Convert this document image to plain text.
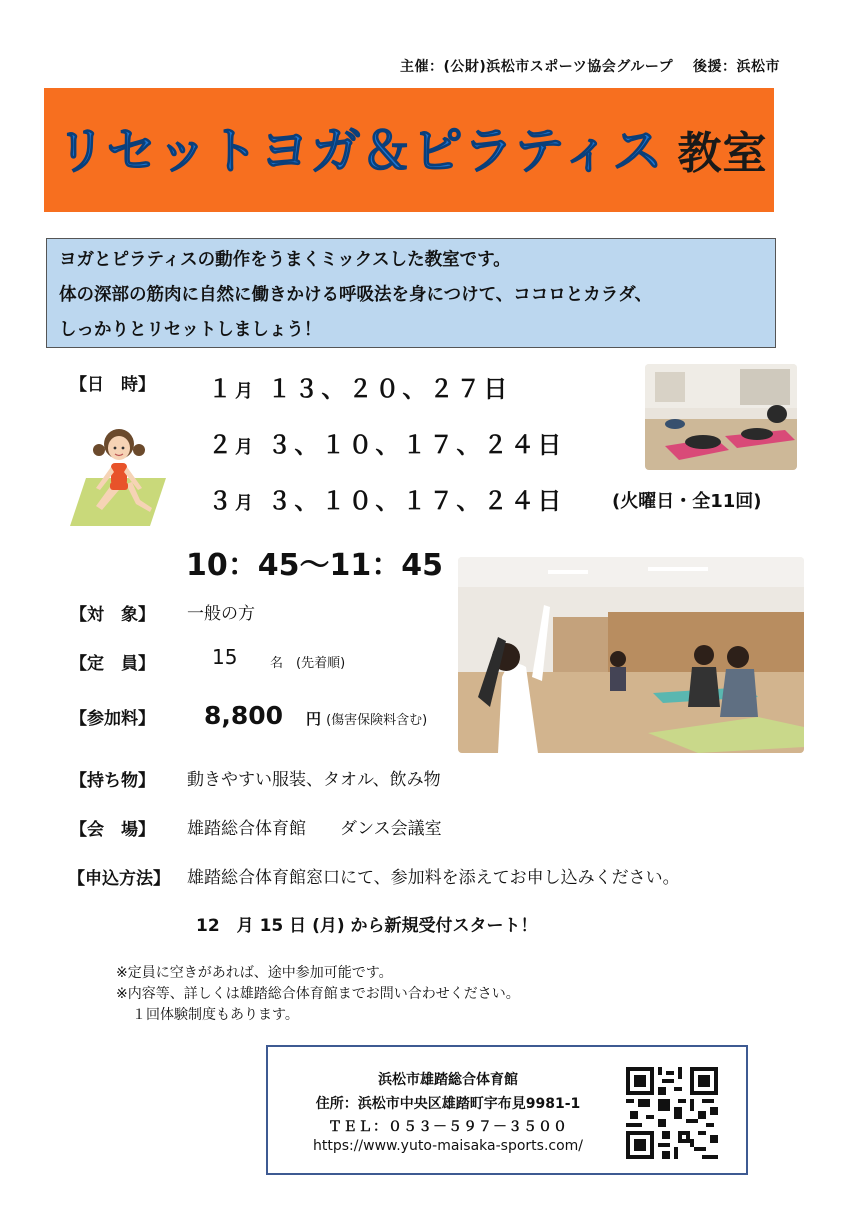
主催：(公財)浜松市スポーツ協会グループ　 後援：浜松市
リセットヨガ＆ピラティス 教室
ヨガとピラティスの動作をうまくミックスした教室です。
体の深部の筋肉に自然に働きかける呼吸法を身につけて、ココロとカラダ、
しっかりとリセットしましょう！
【日　時】 １月 １３、２０、２７日
２月 ３、１０、１７、２４日
３月 ３、１０、１７、２４日	(火曜日・全11回)
10：45～11：45
【対　象】 一般の方
【定　員】	15	名　 (先着順)
【参加料】 8,800 円 (傷害保険料含む)
【持ち物】 動きやすい服装、タオル、飲み物
【会　場】 雄踏総合体育館　　 ダンス会議室
【申込方法】 雄踏総合体育館窓口にて、参加料を添えてお申し込みください。
12　月 15 日 (月) から新規受付スタート！
※定員に空きがあれば、途中参加可能です。
※内容等、詳しくは雄踏総合体育館までお問い合わせください。
１回体験制度もあります。
浜松市雄踏総合体育館
住所：浜松市中央区雄踏町宇布見9981-1
ＴＥＬ：０５３－５９７－３５００
https://www.yuto-maisaka-sports.com/
